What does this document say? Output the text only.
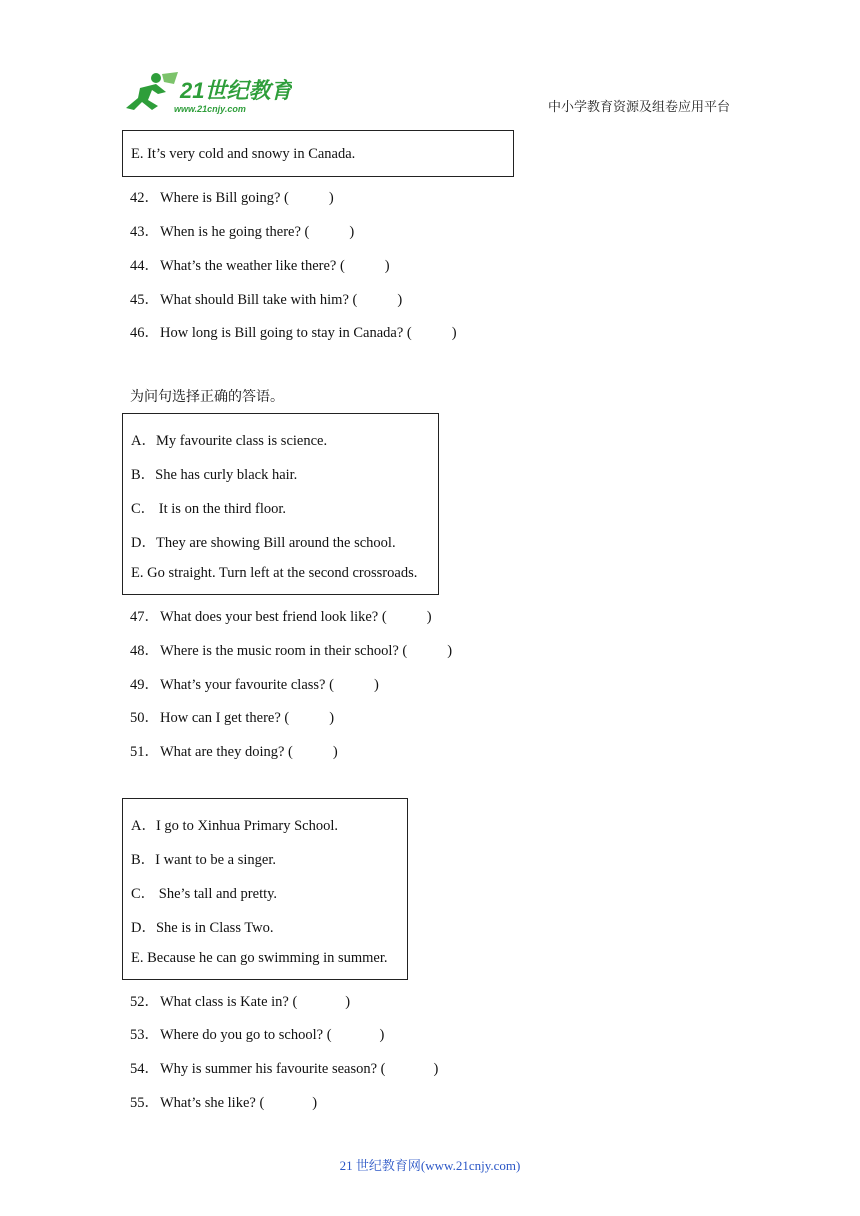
21世纪教育
www.21cnjy.com	中小学教育资源及组卷应用平台
E. It’s very cold and snowy in Canada.
42．Where is Bill going? (	)
43．When is he going there? (	)
44．What’s the weather like there? (	)
45．What should Bill take with him? (	)
46．How long is Bill going to stay in Canada? (	)
为问句选择正确的答语。
A．My favourite class is science.
B．She has curly black hair.
C． It is on the third floor.
D．They are showing Bill around the school.
E. Go straight. Turn left at the second crossroads.
47．What does your best friend look like? (	)
48．Where is the music room in their school? (	)
49．What’s your favourite class? (	)
50．How can I get there? (	)
51．What are they doing? (	)
A．I go to Xinhua Primary School.
B．I want to be a singer.
C． She’s tall and pretty.
D．She is in Class Two.
E. Because he can go swimming in summer.
52．What class is Kate in? (	)
53．Where do you go to school? (	)
54．Why is summer his favourite season? (	)
55．What’s she like? (	)
21 世纪教育网(www.21cnjy.com)
